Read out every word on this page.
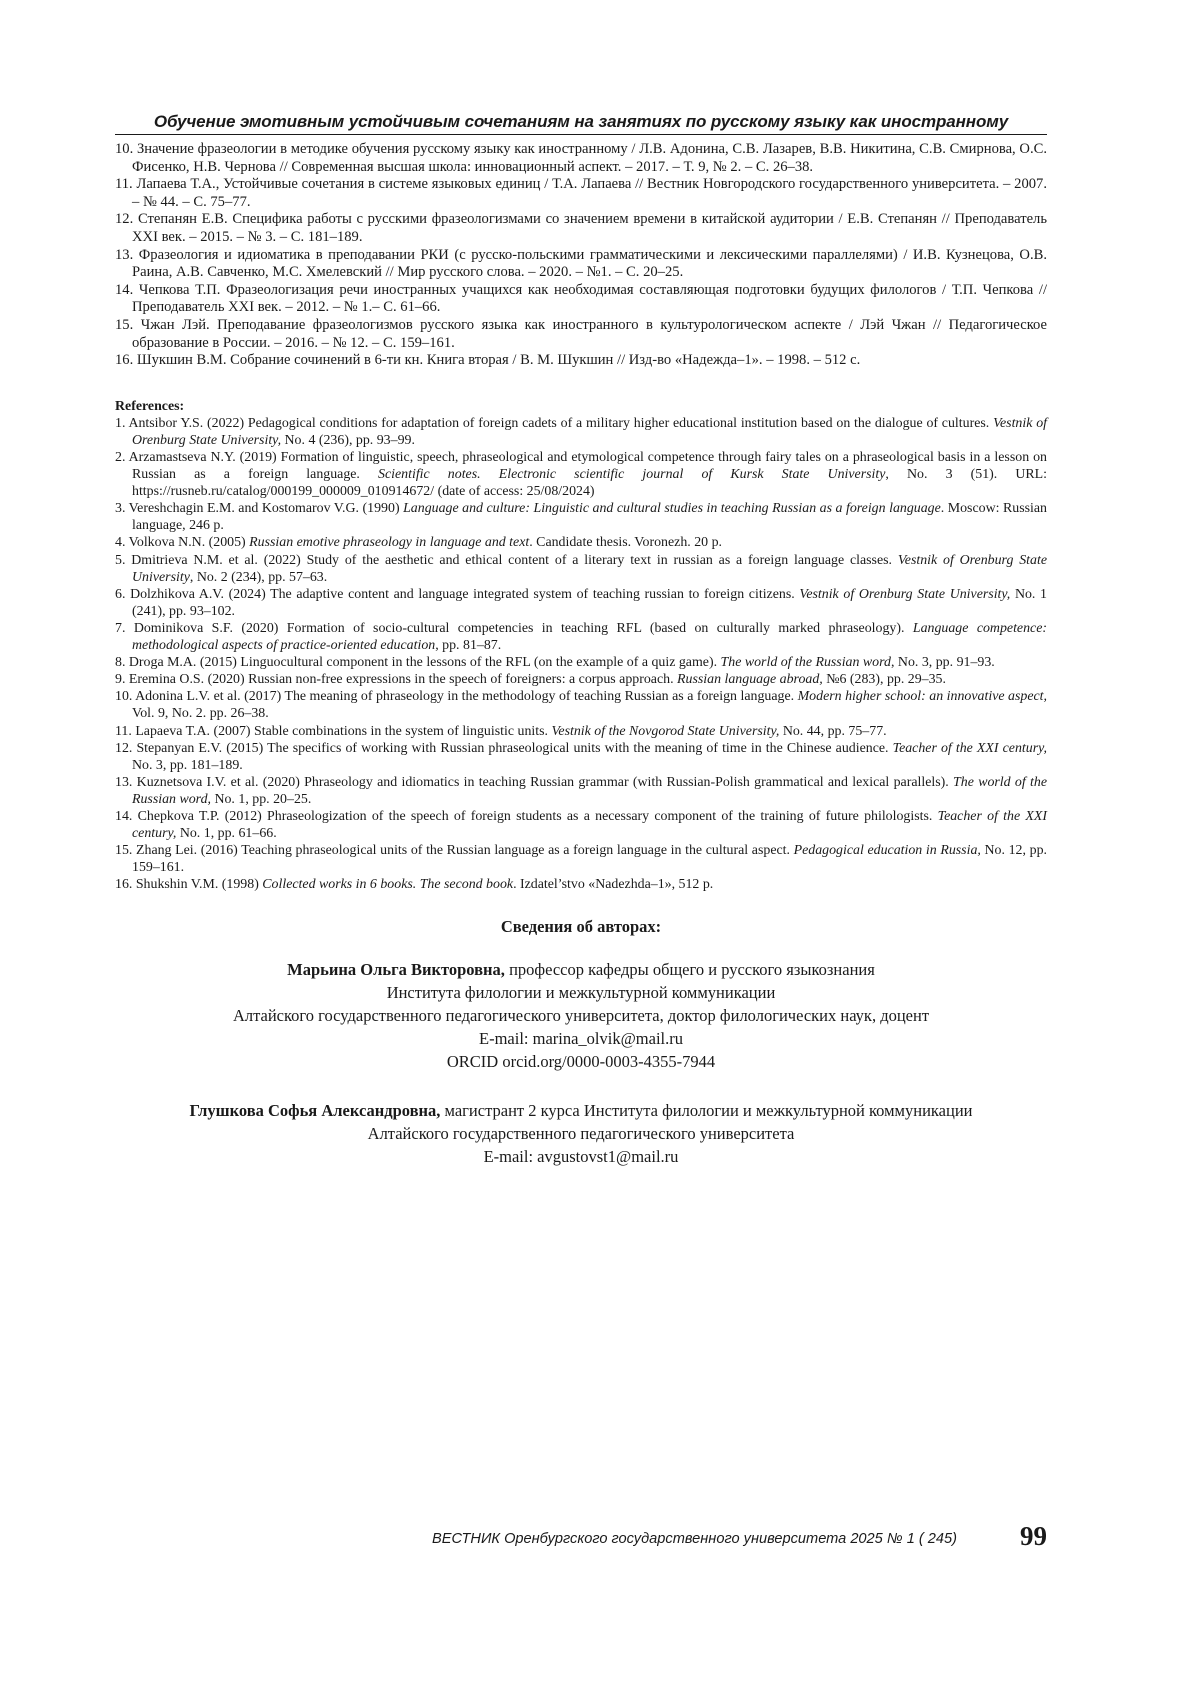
Обучение эмотивным устойчивым сочетаниям на занятиях по русскому языку как иностранному
10. Значение фразеологии в методике обучения русскому языку как иностранному / Л.В. Адонина, С.В. Лазарев, В.В. Никитина, С.В. Смирнова, О.С. Фисенко, Н.В. Чернова // Современная высшая школа: инновационный аспект. – 2017. – Т. 9, № 2. – С. 26–38.
11. Лапаева Т.А., Устойчивые сочетания в системе языковых единиц / Т.А. Лапаева // Вестник Новгородского государственного университета. – 2007. – № 44. – С. 75–77.
12. Степанян Е.В. Специфика работы с русскими фразеологизмами со значением времени в китайской аудитории / Е.В. Степанян // Преподаватель XXI век. – 2015. – № 3. – С. 181–189.
13. Фразеология и идиоматика в преподавании РКИ (с русско-польскими грамматическими и лексическими параллелями) / И.В. Кузнецова, О.В. Раина, А.В. Савченко, М.С. Хмелевский // Мир русского слова. – 2020. – №1. – С. 20–25.
14. Чепкова Т.П. Фразеологизация речи иностранных учащихся как необходимая составляющая подготовки будущих филологов / Т.П. Чепкова // Преподаватель XXI век. – 2012. – № 1.– С. 61–66.
15. Чжан Лэй. Преподавание фразеологизмов русского языка как иностранного в культурологическом аспекте / Лэй Чжан // Педагогическое образование в России. – 2016. – № 12. – С. 159–161.
16. Шукшин В.М. Собрание сочинений в 6-ти кн. Книга вторая / В. М. Шукшин // Изд-во «Надежда–1». – 1998. – 512 с.
References:
1. Antsibor Y.S. (2022) Pedagogical conditions for adaptation of foreign cadets of a military higher educational institution based on the dialogue of cultures. Vestnik of Orenburg State University, No. 4 (236), pp. 93–99.
2. Arzamastseva N.Y. (2019) Formation of linguistic, speech, phraseological and etymological competence through fairy tales on a phraseological basis in a lesson on Russian as a foreign language. Scientific notes. Electronic scientific journal of Kursk State University, No. 3 (51). URL: https://rusneb.ru/catalog/000199_000009_010914672/ (date of access: 25/08/2024)
3. Vereshchagin E.M. and Kostomarov V.G. (1990) Language and culture: Linguistic and cultural studies in teaching Russian as a foreign language. Moscow: Russian language, 246 p.
4. Volkova N.N. (2005) Russian emotive phraseology in language and text. Candidate thesis. Voronezh. 20 p.
5. Dmitrieva N.M. et al. (2022) Study of the aesthetic and ethical content of a literary text in russian as a foreign language classes. Vestnik of Orenburg State University, No. 2 (234), pp. 57–63.
6. Dolzhikova A.V. (2024) The adaptive content and language integrated system of teaching russian to foreign citizens. Vestnik of Orenburg State University, No. 1 (241), pp. 93–102.
7. Dominikova S.F. (2020) Formation of socio-cultural competencies in teaching RFL (based on culturally marked phraseology). Language competence: methodological aspects of practice-oriented education, pp. 81–87.
8. Droga M.A. (2015) Linguocultural component in the lessons of the RFL (on the example of a quiz game). The world of the Russian word, No. 3, pp. 91–93.
9. Eremina O.S. (2020) Russian non-free expressions in the speech of foreigners: a corpus approach. Russian language abroad, №6 (283), pp. 29–35.
10. Adonina L.V. et al. (2017) The meaning of phraseology in the methodology of teaching Russian as a foreign language. Modern higher school: an innovative aspect, Vol. 9, No. 2. pp. 26–38.
11. Lapaeva T.A. (2007) Stable combinations in the system of linguistic units. Vestnik of the Novgorod State University, No. 44, pp. 75–77.
12. Stepanyan E.V. (2015) The specifics of working with Russian phraseological units with the meaning of time in the Chinese audience. Teacher of the XXI century, No. 3, pp. 181–189.
13. Kuznetsova I.V. et al. (2020) Phraseology and idiomatics in teaching Russian grammar (with Russian-Polish grammatical and lexical parallels). The world of the Russian word, No. 1, pp. 20–25.
14. Chepkova T.P. (2012) Phraseologization of the speech of foreign students as a necessary component of the training of future philologists. Teacher of the XXI century, No. 1, pp. 61–66.
15. Zhang Lei. (2016) Teaching phraseological units of the Russian language as a foreign language in the cultural aspect. Pedagogical education in Russia, No. 12, pp. 159–161.
16. Shukshin V.M. (1998) Collected works in 6 books. The second book. Izdatel’stvo «Nadezhda–1», 512 p.
Сведения об авторах:
Марьина Ольга Викторовна, профессор кафедры общего и русского языкознания
Института филологии и межкультурной коммуникации
Алтайского государственного педагогического университета, доктор филологических наук, доцент
E-mail: marina_olvik@mail.ru
ORCID orcid.org/0000-0003-4355-7944
Глушкова Софья Александровна, магистрант 2 курса Института филологии и межкультурной коммуникации
Алтайского государственного педагогического университета
E-mail: avgustovst1@mail.ru
ВЕСТНИК Оренбургского государственного университета 2025 № 1 ( 245) 99
